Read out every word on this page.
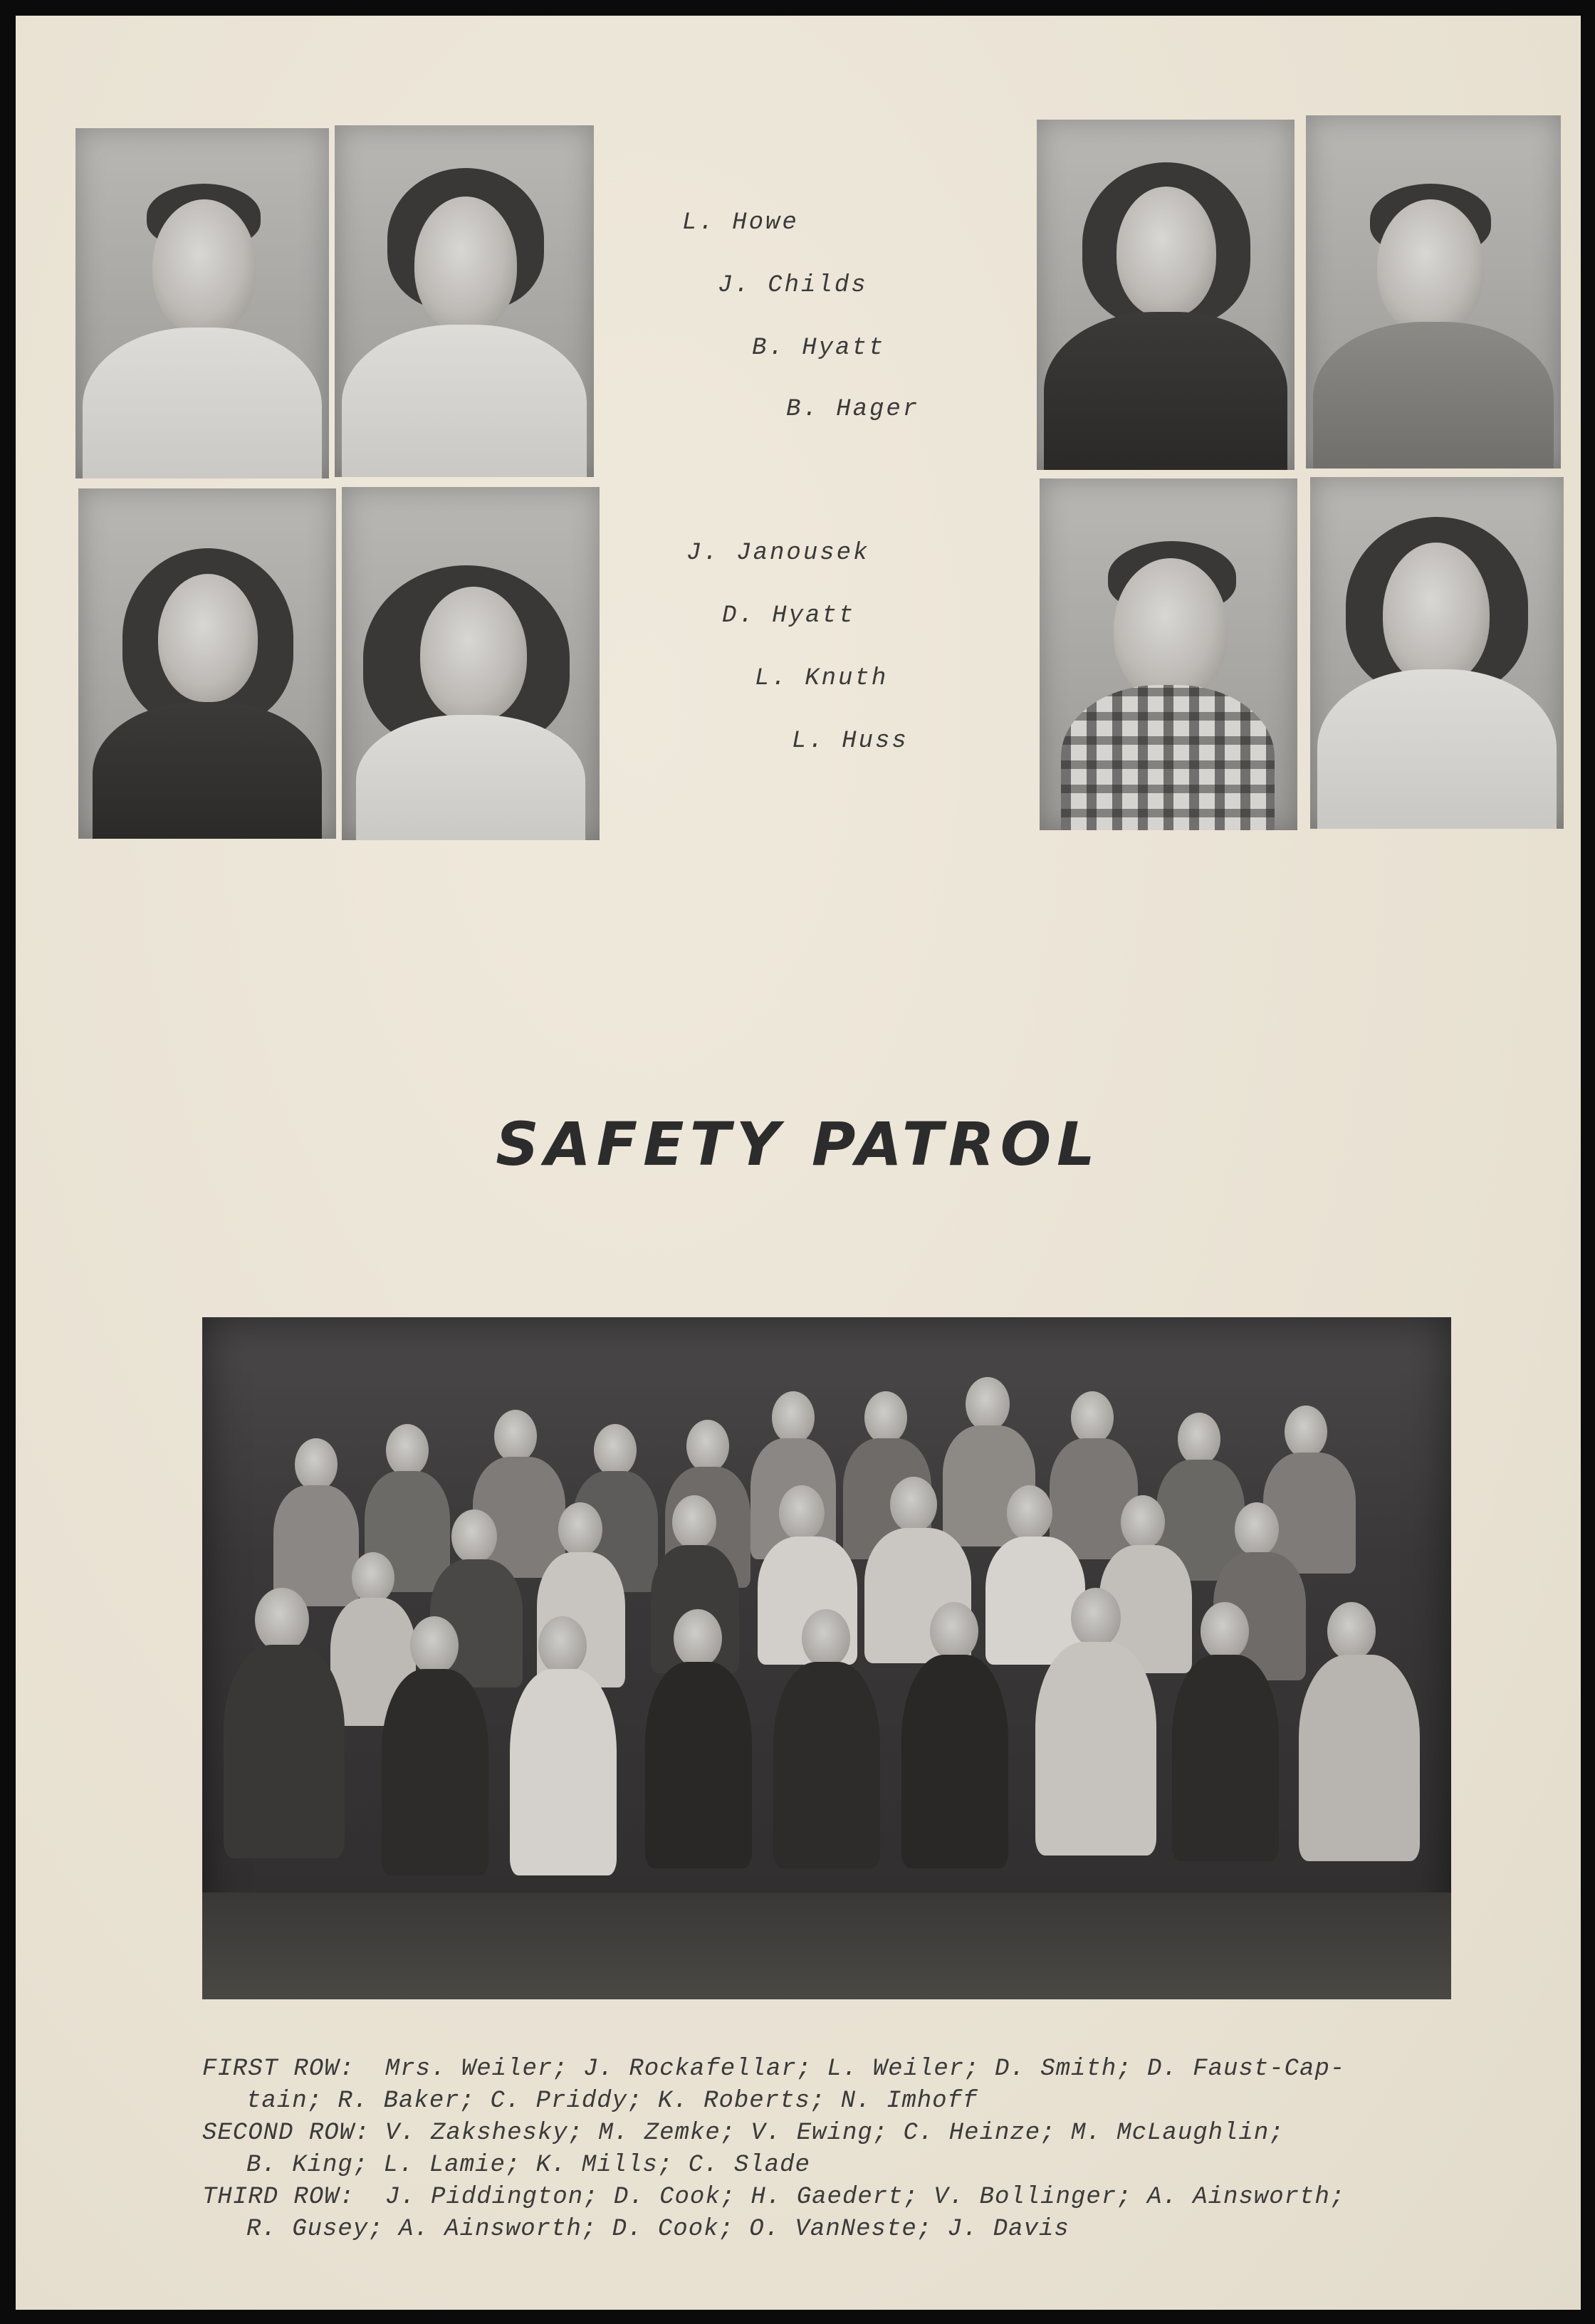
L. Howe
J. Childs
B. Hyatt
B. Hager
J. Janousek
D. Hyatt
L. Knuth
L. Huss
SAFETY PATROL
FIRST ROW: Mrs. Weiler; J. Rockafellar; L. Weiler; D. Smith; D. Faust-Cap-
tain; R. Baker; C. Priddy; K. Roberts; N. Imhoff
SECOND ROW: V. Zakshesky; M. Zemke; V. Ewing; C. Heinze; M. McLaughlin;
B. King; L. Lamie; K. Mills; C. Slade
THIRD ROW: J. Piddington; D. Cook; H. Gaedert; V. Bollinger; A. Ainsworth;
R. Gusey; A. Ainsworth; D. Cook; O. VanNeste; J. Davis
